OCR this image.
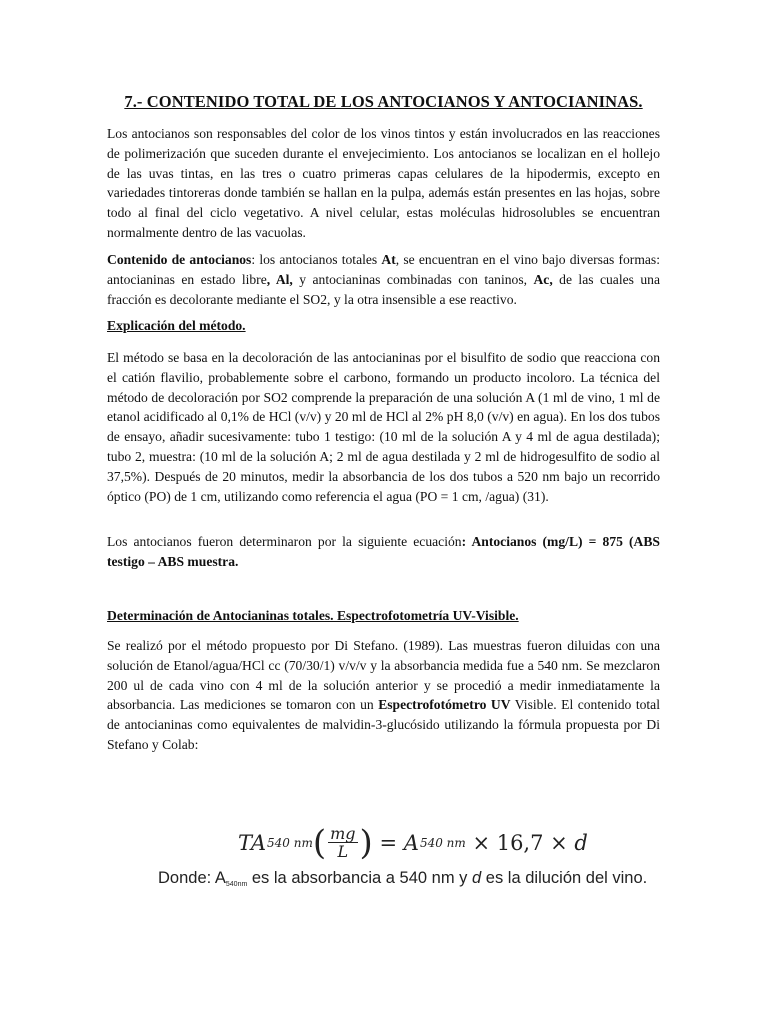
7.- CONTENIDO TOTAL DE LOS ANTOCIANOS Y ANTOCIANINAS.

Los antocianos son responsables del color de los vinos tintos y están involucrados en las reacciones de polimerización que suceden durante el envejecimiento. Los antocianos se localizan en el hollejo de las uvas tintas, en las tres o cuatro primeras capas celulares de la hipodermis, excepto en variedades tintoreras donde también se hallan en la pulpa, además están presentes en las hojas, sobre todo al final del ciclo vegetativo. A nivel celular, estas moléculas hidrosolubles se encuentran normalmente dentro de las vacuolas.

Contenido de antocianos: los antocianos totales At, se encuentran en el vino bajo diversas formas: antocianinas en estado libre, Al, y antocianinas combinadas con taninos, Ac, de las cuales una fracción es decolorante mediante el SO2, y la otra insensible a ese reactivo.

Explicación del método.

El método se basa en la decoloración de las antocianinas por el bisulfito de sodio que reacciona con el catión flavilio, probablemente sobre el carbono, formando un producto incoloro. La técnica del método de decoloración por SO2 comprende la preparación de una solución A (1 ml de vino, 1 ml de etanol acidificado al 0,1% de HCl (v/v) y 20 ml de HCl al 2% pH 8,0 (v/v) en agua). En los dos tubos de ensayo, añadir sucesivamente: tubo 1 testigo: (10 ml de la solución A y 4 ml de agua destilada); tubo 2, muestra: (10 ml de la solución A; 2 ml de agua destilada y 2 ml de hidrogesulfito de sodio al 37,5%). Después de 20 minutos, medir la absorbancia de los dos tubos a 520 nm bajo un recorrido óptico (PO) de 1 cm, utilizando como referencia el agua (PO = 1 cm, /agua) (31).

Los antocianos fueron determinaron por la siguiente ecuación: Antocianos (mg/L) = 875 (ABS testigo – ABS muestra.

Determinación de Antocianinas totales. Espectrofotometría UV-Visible.

Se realizó por el método propuesto por Di Stefano. (1989). Las muestras fueron diluidas con una solución de Etanol/agua/HCl cc (70/30/1) v/v/v y la absorbancia medida fue a 540 nm. Se mezclaron 200 ul de cada vino con 4 ml de la solución anterior y se procedió a medir inmediatamente la absorbancia. Las mediciones se tomaron con un Espectrofotómetro UV Visible. El contenido total de antocianinas como equivalentes de malvidin-3-glucósido utilizando la fórmula propuesta por Di Stefano y Colab:

TA 540 nm ( $\frac{mg}{L}$ ) = A 540 nm × 16,7 × d
Donde: A540nm es la absorbancia a 540 nm y d es la dilución del vino.
